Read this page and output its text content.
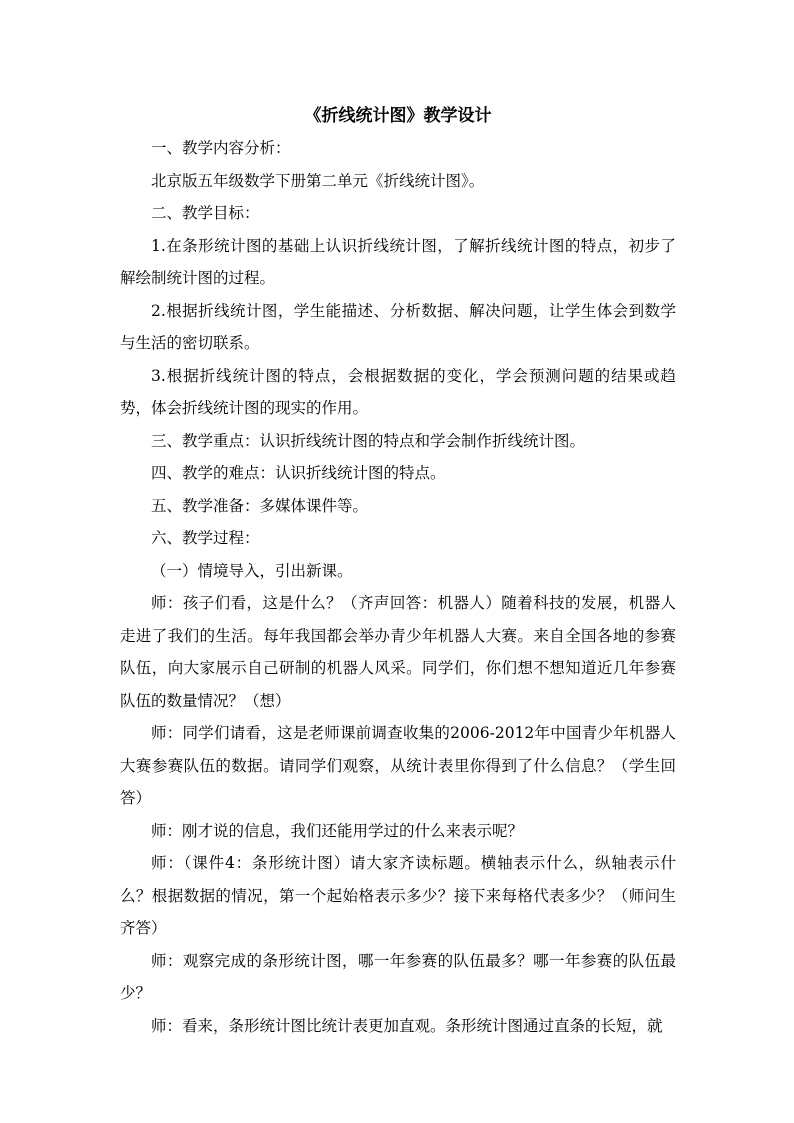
《折线统计图》教学设计

一、教学内容分析：

北京版五年级数学下册第二单元《折线统计图》。

二、教学目标：

1.在条形统计图的基础上认识折线统计图，了解折线统计图的特点，初步了解绘制统计图的过程。

2.根据折线统计图，学生能描述、分析数据、解决问题，让学生体会到数学与生活的密切联系。

3.根据折线统计图的特点，会根据数据的变化，学会预测问题的结果或趋势，体会折线统计图的现实的作用。

三、教学重点：认识折线统计图的特点和学会制作折线统计图。

四、教学的难点：认识折线统计图的特点。

五、教学准备：多媒体课件等。

六、教学过程：

（一）情境导入，引出新课。

师：孩子们看，这是什么？（齐声回答：机器人）随着科技的发展，机器人走进了我们的生活。每年我国都会举办青少年机器人大赛。来自全国各地的参赛队伍，向大家展示自己研制的机器人风采。同学们，你们想不想知道近几年参赛队伍的数量情况？（想）

师：同学们请看，这是老师课前调查收集的2006-2012年中国青少年机器人大赛参赛队伍的数据。请同学们观察，从统计表里你得到了什么信息？（学生回答）

师：刚才说的信息，我们还能用学过的什么来表示呢？

师：（课件4：条形统计图）请大家齐读标题。横轴表示什么，纵轴表示什么？根据数据的情况，第一个起始格表示多少？接下来每格代表多少？（师问生齐答）

师：观察完成的条形统计图，哪一年参赛的队伍最多？哪一年参赛的队伍最少？

师：看来，条形统计图比统计表更加直观。条形统计图通过直条的长短，就
